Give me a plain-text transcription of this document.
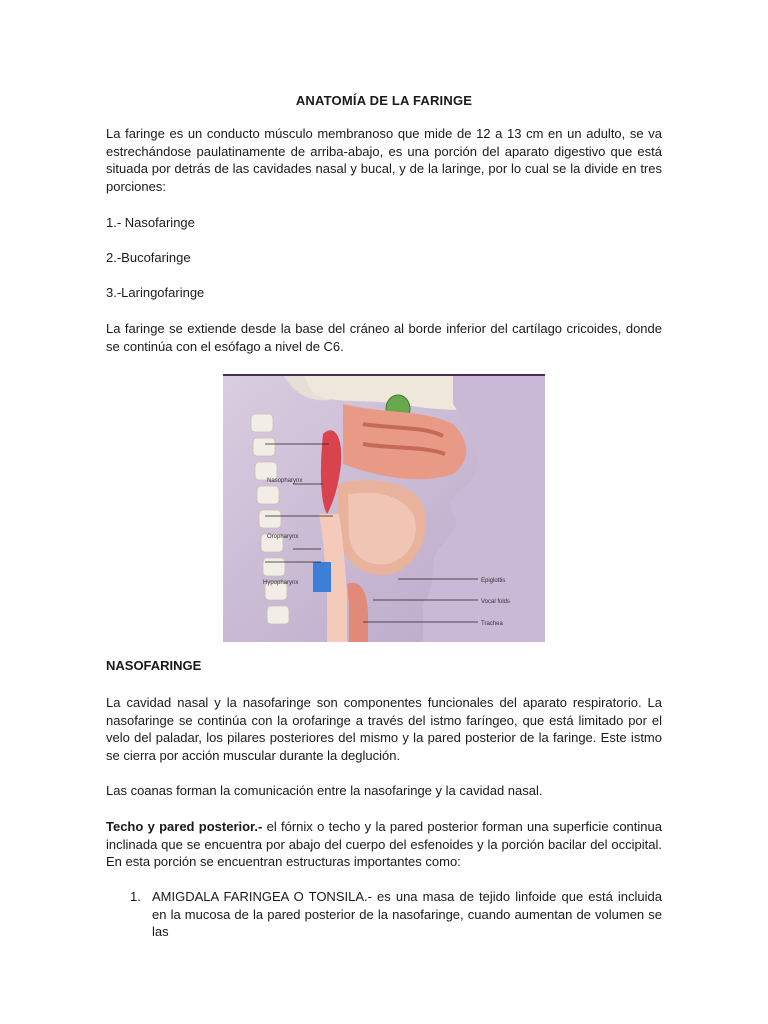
ANATOMÍA DE LA FARINGE

La faringe es un conducto músculo membranoso que mide de 12 a 13 cm en un adulto, se va estrechándose paulatinamente de arriba-abajo, es una porción del aparato digestivo que está situada por detrás de las cavidades nasal y bucal, y de la laringe, por lo cual se la divide en tres porciones:

1.- Nasofaringe

2.-Bucofaringe

3.-Laringofaringe

La faringe se extiende desde la base del cráneo al borde inferior del cartílago cricoides, donde se continúa con el esófago a nivel de C6.

Nasopharynx
Oropharynx
Hypopharynx	Epiglottis
Vocal folds
Trachea

NASOFARINGE

La cavidad nasal y la nasofaringe son componentes funcionales del aparato respiratorio. La nasofaringe se continúa con la orofaringe a través del istmo faríngeo, que está limitado por el velo del paladar, los pilares posteriores del mismo y la pared posterior de la faringe. Este istmo se cierra por acción muscular durante la deglución.

Las coanas forman la comunicación entre la nasofaringe y la cavidad nasal.

Techo y pared posterior.- el fórnix o techo y la pared posterior forman una superficie continua inclinada que se encuentra por abajo del cuerpo del esfenoides y la porción bacilar del occipital. En esta porción se encuentran estructuras importantes como:

1. AMIGDALA FARINGEA O TONSILA.- es una masa de tejido linfoide que está incluida en la mucosa de la pared posterior de la nasofaringe, cuando aumentan de volumen se las
